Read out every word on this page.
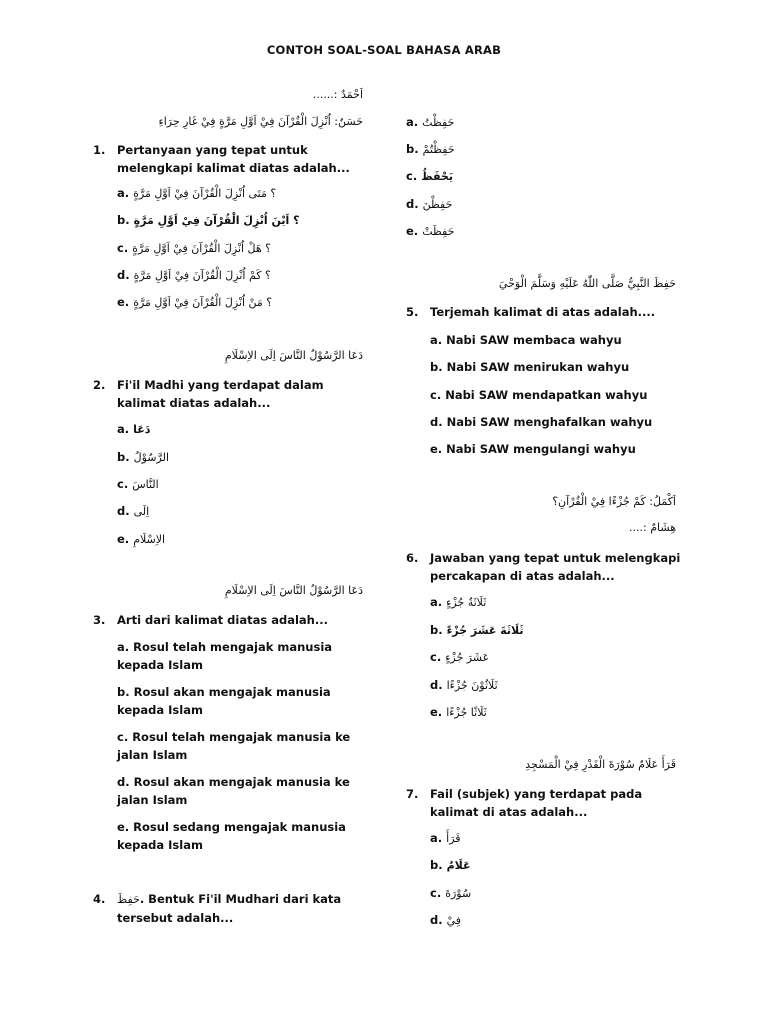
CONTOH SOAL-SOAL BAHASA ARAB
اَحْمَدٌ :......
حَسَنٌ: اُنْزِلَ الْقُرْآنَ فِيْ اَوَّلِ مَرَّةٍ فِيْ غَارِ حِرَاءِ
1. Pertanyaan yang tepat untuk melengkapi kalimat diatas adalah...
a. ؟ مَتَى اُنْزِلَ الْقُرْآنَ فِيْ اَوَّلِ مَرَّةٍ
b. ؟ اَيْنَ اُنْزِلَ الْقُرْآنَ فِيْ اَوَّلِ مَرَّةٍ
c. ؟ هَلْ اُنْزِلَ الْقُرْآنَ فِيْ اَوَّلِ مَرَّةٍ
d. ؟ كَمْ اُنْزِلَ الْقُرْآنَ فِيْ اَوَّلِ مَرَّةٍ
e. ؟ مَنْ اُنْزِلَ الْقُرْآنَ فِيْ اَوَّلِ مَرَّةٍ
دَعَا الرَّسُوْلُ النَّاسَ اِلَى الاِسْلَامِ
2. Fi'il Madhi yang terdapat dalam kalimat diatas adalah...
a. دَعَا
b. الرَّسُوْلُ
c. النَّاسَ
d. اِلَى
e. الاِسْلَامِ
دَعَا الرَّسُوْلُ النَّاسَ اِلَى الاِسْلَامِ
3. Arti dari kalimat diatas adalah...
a. Rosul telah mengajak manusia kepada Islam
b. Rosul akan mengajak manusia kepada Islam
c. Rosul telah mengajak manusia ke jalan Islam
d. Rosul akan mengajak manusia ke jalan Islam
e. Rosul sedang mengajak manusia kepada Islam
4. حَفِظَ. Bentuk Fi'il Mudhari dari kata tersebut adalah...
a. حَفِظْتُ
b. حَفِظْتُمْ
c. يَحْفَظُ
d. حَفِظْنَ
e. حَفِظَتْ
حَفِظَ النَّبِيُّ صَلَّى اللّٰهُ عَلَيْهِ وَسَلَّمَ الْوَحْيَ
5. Terjemah kalimat di atas adalah....
a. Nabi SAW membaca wahyu
b. Nabi SAW menirukan wahyu
c. Nabi SAW mendapatkan wahyu
d. Nabi SAW menghafalkan wahyu
e. Nabi SAW mengulangi wahyu
اَكْمَلُ: كَمْ جُزْءًا فِيْ الْقُرْآنِ؟
هِشَامٌ :....
6. Jawaban yang tepat untuk melengkapi percakapan di atas adalah...
a. ثَلَاثَةُ جُزْءٍ
b. ثَلَاثَةَ عَشَرَ جُزْءً
c. عَشَرَ جُزْءٍ
d. ثَلَاثُوْنَ جُزْءًا
e. ثَلَاثًا جُزْءًا
قَرَأَ عَلَامٌ سُوْرَةَ الْقَدْرِ فِيْ الْمَسْجِدِ
7. Fail (subjek) yang terdapat pada kalimat di atas adalah...
a. قَرَأَ
b. عَلَامٌ
c. سُوْرَةَ
d. فِيْ
